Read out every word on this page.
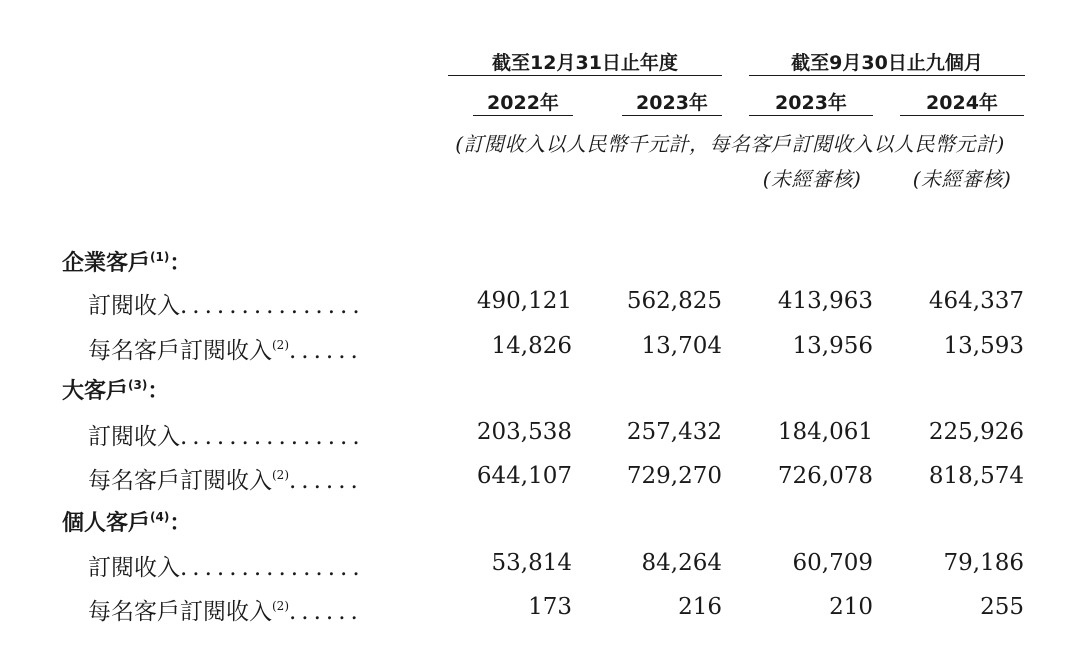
截至12月31日止年度	截至9月30日止九個月
2022年	2023年	2023年	2024年
(訂閱收入以人民幣千元計，每名客戶訂閱收入以人民幣元計)
(未經審核)	(未經審核)
企業客戶$^{(1)}$：
訂閱收入...............	490,121	562,825	413,963	464,337
每名客戶訂閱收入$^{(2)}$......	14,826	13,704	13,956	13,593
大客戶$^{(3)}$：
訂閱收入...............	203,538	257,432	184,061	225,926
每名客戶訂閱收入$^{(2)}$......	644,107	729,270	726,078	818,574
個人客戶$^{(4)}$：
訂閱收入...............	53,814	84,264	60,709	79,186
每名客戶訂閱收入$^{(2)}$......	173	216	210	255
